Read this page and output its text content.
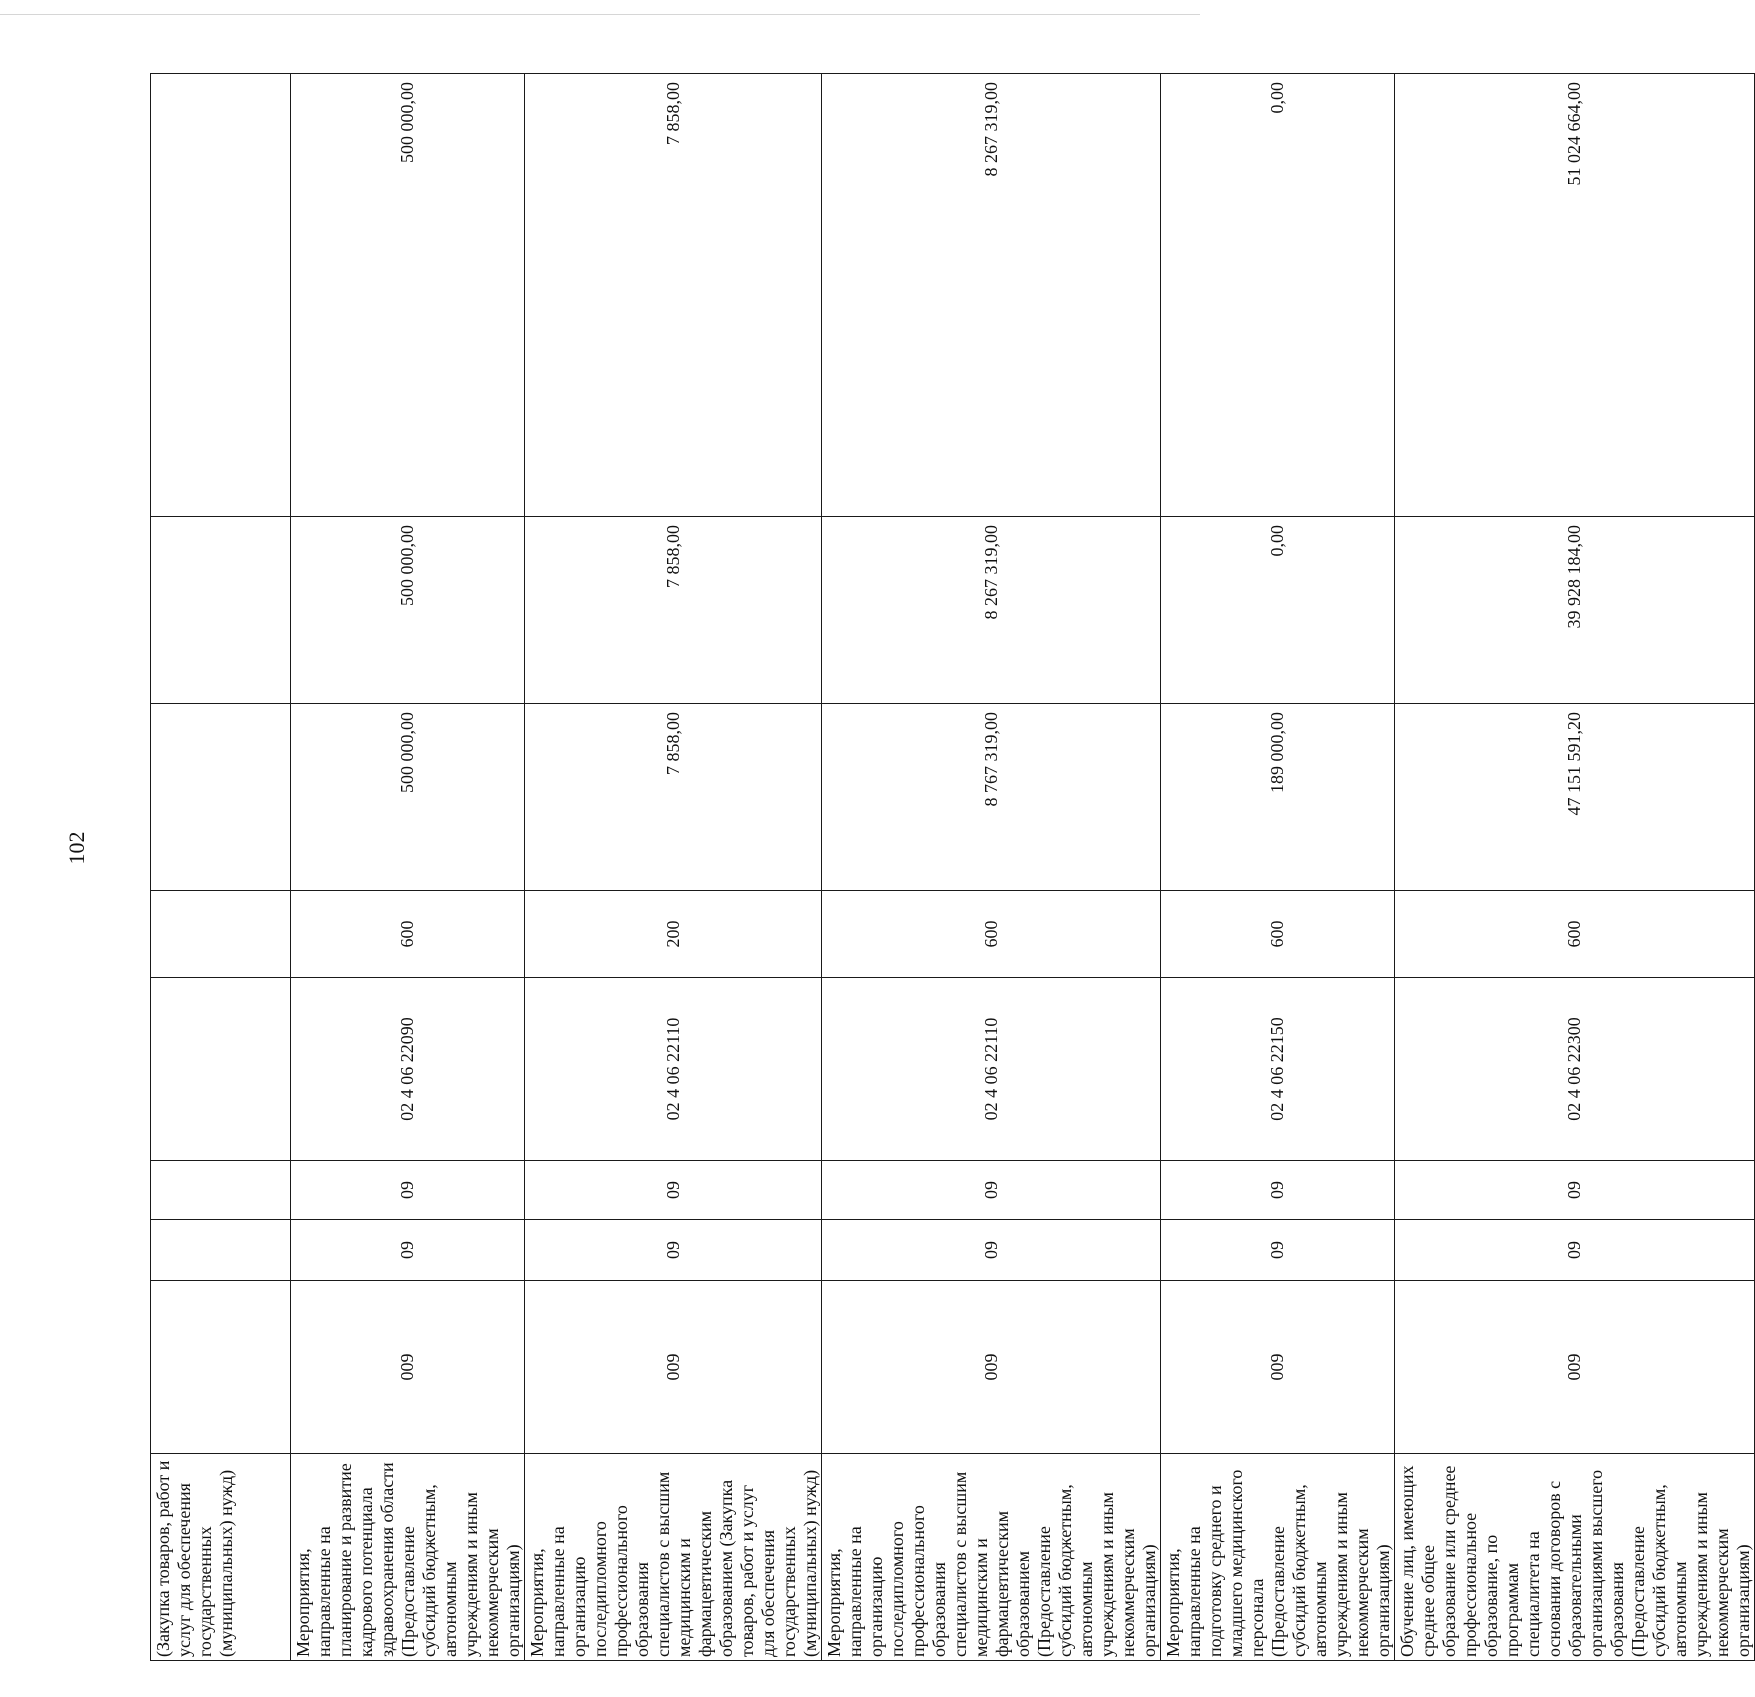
102
(Закупка товаров, работ и услуг для обеспечения государственных (муниципальных) нужд)								
Мероприятия, направленные на планирование и развитие кадрового потенциала здравоохранения области (Предоставление субсидий бюджетным, автономным учреждениям и иным некоммерческим организациям)	009	09	09	02 4 06 22090	600	500 000,00	500 000,00	500 000,00
Мероприятия, направленные на организацию последипломного профессионального образования специалистов с высшим медицинским и фармацевтическим образованием (Закупка товаров, работ и услуг для обеспечения государственных (муниципальных) нужд)	009	09	09	02 4 06 22110	200	7 858,00	7 858,00	7 858,00
Мероприятия, направленные на организацию последипломного профессионального образования специалистов с высшим медицинским и фармацевтическим образованием (Предоставление субсидий бюджетным, автономным учреждениям и иным некоммерческим организациям)	009	09	09	02 4 06 22110	600	8 767 319,00	8 267 319,00	8 267 319,00
Мероприятия, направленные на подготовку среднего и младшего медицинского персонала (Предоставление субсидий бюджетным, автономным учреждениям и иным некоммерческим организациям)	009	09	09	02 4 06 22150	600	189 000,00	0,00	0,00
Обучение лиц, имеющих среднее общее образование или среднее профессиональное образование, по программам специалитета на основании договоров с образовательными организациями высшего образования (Предоставление субсидий бюджетным, автономным учреждениям и иным некоммерческим организациям)	009	09	09	02 4 06 22300	600	47 151 591,20	39 928 184,00	51 024 664,00
